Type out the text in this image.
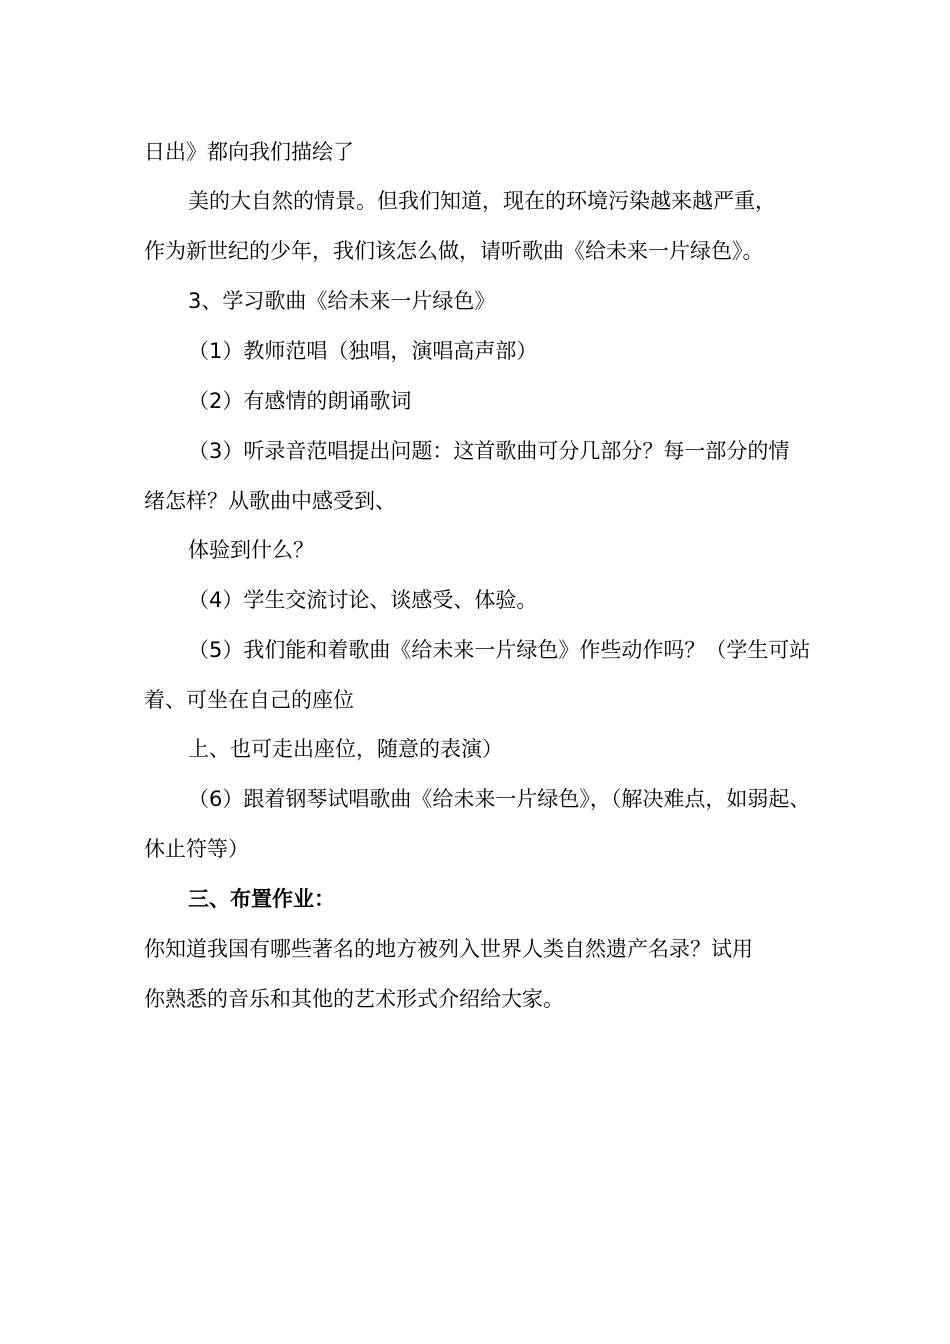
日出》都向我们描绘了
美的大自然的情景。但我们知道，现在的环境污染越来越严重，
作为新世纪的少年，我们该怎么做，请听歌曲《给未来一片绿色》。
3、学习歌曲《给未来一片绿色》
（1）教师范唱（独唱，演唱高声部）
（2）有感情的朗诵歌词
（3）听录音范唱提出问题：这首歌曲可分几部分？每一部分的情
绪怎样？从歌曲中感受到、
体验到什么？
（4）学生交流讨论、谈感受、体验。
（5）我们能和着歌曲《给未来一片绿色》作些动作吗？（学生可站
着、可坐在自己的座位
上、也可走出座位，随意的表演）
（6）跟着钢琴试唱歌曲《给未来一片绿色》，（解决难点，如弱起、
休止符等）
三、布置作业：
你知道我国有哪些著名的地方被列入世界人类自然遗产名录？试用
你熟悉的音乐和其他的艺术形式介绍给大家。
